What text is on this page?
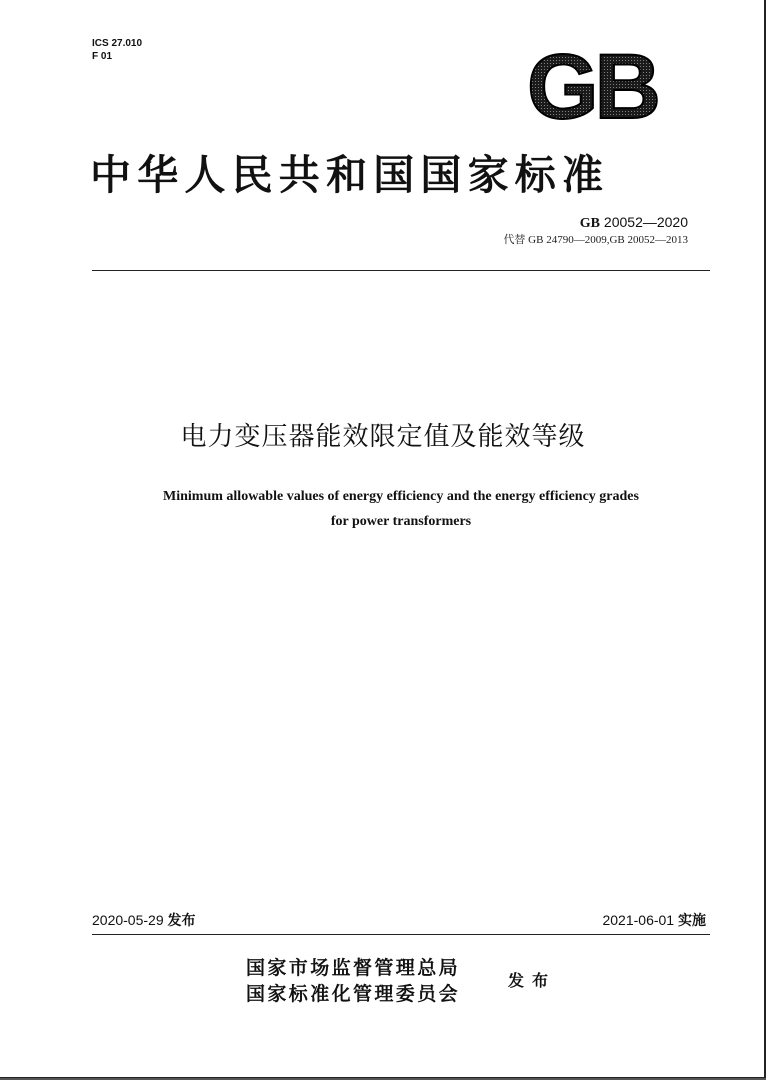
ICS 27.010
F 01	GB
中华人民共和国国家标准
GB 20052—2020
代替 GB 24790—2009,GB 20052—2013
电力变压器能效限定值及能效等级
Minimum allowable values of energy efficiency and the energy efficiency grades
for power transformers
2020-05-29 发布	2021-06-01 实施
国家市场监督管理总局
国家标准化管理委员会
发布
